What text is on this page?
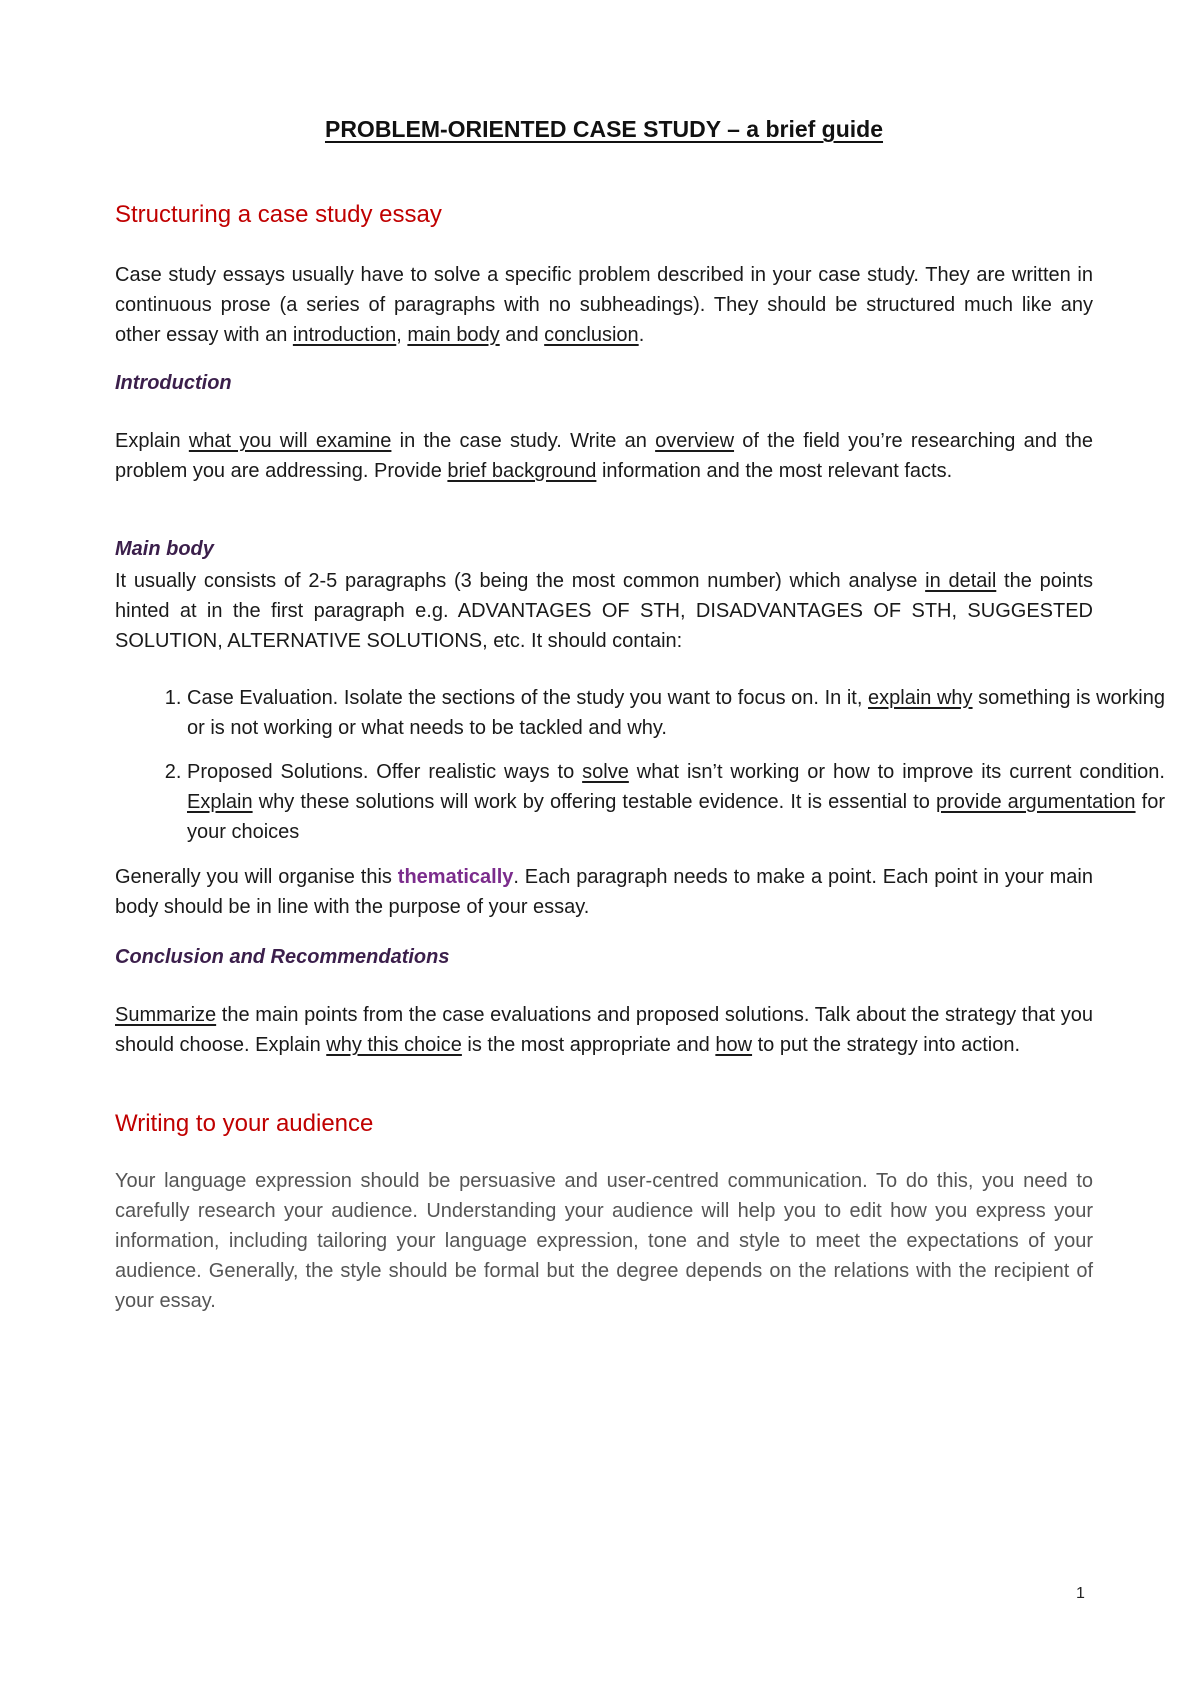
PROBLEM-ORIENTED CASE STUDY – a brief guide
Structuring a case study essay

Case study essays usually have to solve a specific problem described in your case study. They are written in continuous prose (a series of paragraphs with no subheadings). They should be structured much like any other essay with an introduction, main body and conclusion.

Introduction

Explain what you will examine in the case study. Write an overview of the field you’re researching and the problem you are addressing. Provide brief background information and the most relevant facts.

Main body

It usually consists of 2-5 paragraphs (3 being the most common number) which analyse in detail the points hinted at in the first paragraph e.g. ADVANTAGES OF STH, DISADVANTAGES OF STH, SUGGESTED SOLUTION, ALTERNATIVE SOLUTIONS, etc. It should contain:

1. Case Evaluation. Isolate the sections of the study you want to focus on. In it, explain why something is working or is not working or what needs to be tackled and why.
2. Proposed Solutions. Offer realistic ways to solve what isn’t working or how to improve its current condition. Explain why these solutions will work by offering testable evidence. It is essential to provide argumentation for your choices

Generally you will organise this thematically. Each paragraph needs to make a point. Each point in your main body should be in line with the purpose of your essay.

Conclusion and Recommendations

Summarize the main points from the case evaluations and proposed solutions. Talk about the strategy that you should choose. Explain why this choice is the most appropriate and how to put the strategy into action.

Writing to your audience

Your language expression should be persuasive and user-centred communication. To do this, you need to carefully research your audience. Understanding your audience will help you to edit how you express your information, including tailoring your language expression, tone and style to meet the expectations of your audience. Generally, the style should be formal but the degree depends on the relations with the recipient of your essay.

1
